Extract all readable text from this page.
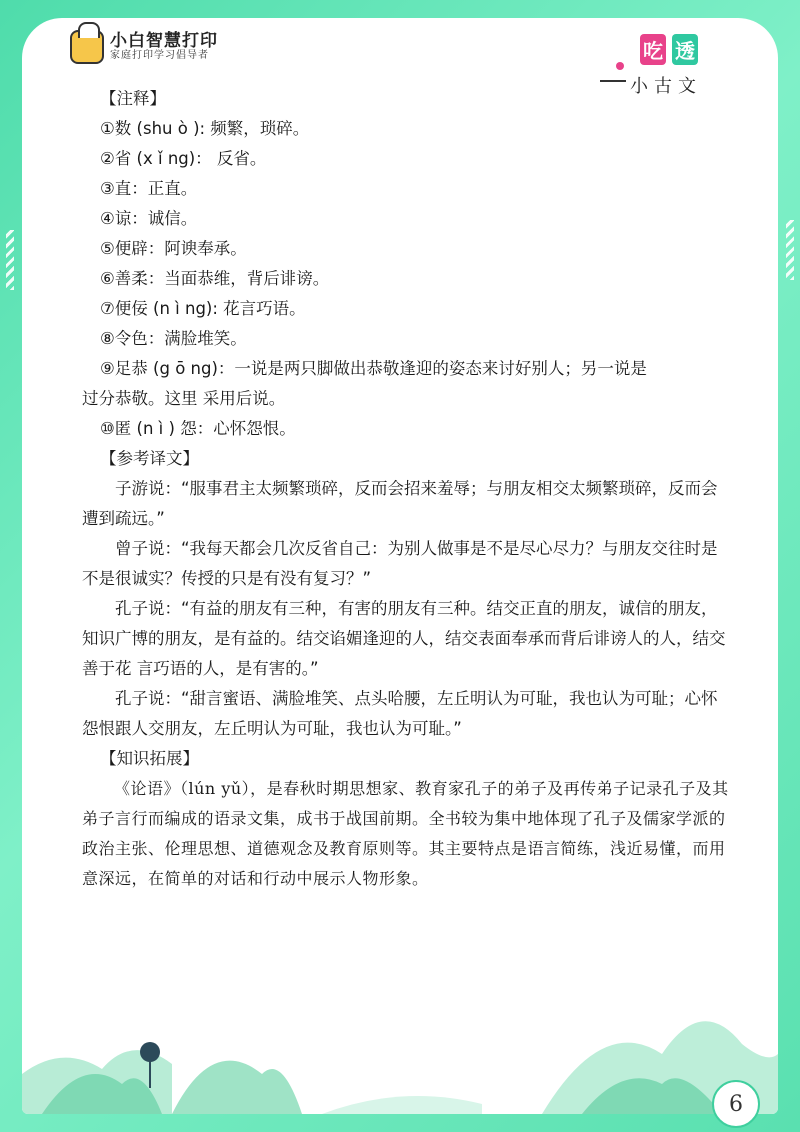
小白智慧打印
家庭打印学习倡导者	吃 透
小古文

【注释】

①数 (shu ò ): 频繁，琐碎。

②省 (x ǐ ng)： 反省。

③直：正直。

④谅：诚信。

⑤便辟：阿谀奉承。

⑥善柔：当面恭维，背后诽谤。

⑦便佞 (n ì ng): 花言巧语。

⑧令色：满脸堆笑。

⑨足恭 (g ō ng)：一说是两只脚做出恭敬逢迎的姿态来讨好别人；另一说是

过分恭敬。这里 采用后说。

⑩匿 (n ì ) 怨：心怀怨恨。

【参考译文】

子游说：“服事君主太频繁琐碎，反而会招来羞辱；与朋友相交太频繁琐碎，反而会遭到疏远。”

曾子说：“我每天都会几次反省自己：为别人做事是不是尽心尽力？与朋友交往时是不是很诚实？传授的只是有没有复习？”

孔子说：“有益的朋友有三种，有害的朋友有三种。结交正直的朋友，诚信的朋友，知识广博的朋友，是有益的。结交谄媚逢迎的人，结交表面奉承而背后诽谤人的人，结交善于花 言巧语的人，是有害的。”

孔子说：“甜言蜜语、满脸堆笑、点头哈腰，左丘明认为可耻，我也认为可耻；心怀怨恨跟人交朋友，左丘明认为可耻，我也认为可耻。”

【知识拓展】

《论语》（lún yǔ），是春秋时期思想家、教育家孔子的弟子及再传弟子记录孔子及其弟子言行而编成的语录文集，成书于战国前期。全书较为集中地体现了孔子及儒家学派的政治主张、伦理思想、道德观念及教育原则等。其主要特点是语言简练，浅近易懂，而用意深远，在简单的对话和行动中展示人物形象。

6
